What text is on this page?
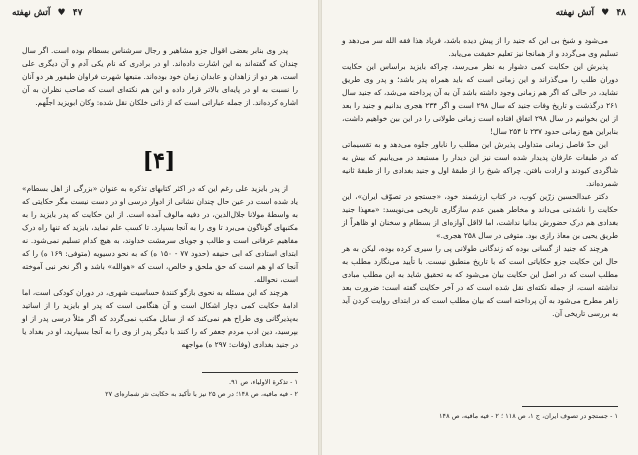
۴۷ ♥ آتش نهفته

پدر وی بنابر بعضی اقوال جزو مشاهیر و رجال سرشناس بسطام بوده است. اگر سال چندان که گفته‌اند به این اشارت داده‌اند. او در برادری که نام یکی آدم و آن دیگری علی است، هر دو از زاهدان و عابدان زمان خود بوده‌اند. منبعها شهرت فراوان طیفور هر دو آنان را نسبت به او در پایه‌ای بالاتر قرار داده و این هم نکته‌ای است که صاحب نظران به آن اشاره کرده‌اند. از جمله عباراتی است که از ذاتی خلکان نقل شده: وکان ابویزید اجلّهم.

[۴]

از پدر بایزید علی رغم این که در اکثر کتابهای تذکره به عنوان «بزرگی از اهل بسطام» یاد شده است در عین حال چندان نشانی از ادوار درسی او در دست نیست مگر حکایتی که به واسطهٔ مولانا جلال‌الدین، در دفیه مالوف آمده است. از این حکایت که پدر بایزید را به مکتبهای گوناگون می‌برد تا وی را به آنجا بسپارد. تا کسب علم نماید، بایزید که تنها راه درک مفاهیم عرفانی است و طالب و جویای سرمشت خداوند، به هیچ کدام تسلیم نمی‌شود. نه ابتدای استادی که ابی حنیفه (حدود ۷۷ - ۱۵۰ ه) که به نحو دسیویه (متوفی: ۱۶۹ ه) را که آنجا که او هم است که حق ملحق و خالص، است که «هوالله» باشد و اگر نخر نبی آموخته است، نحوالله.

هرچند که این مسئله به نحوی بازگو کنندهٔ حساسیت شهری، در دوران کودکی است، اما ادامهٔ حکایت کمی دچار اشکال است و آن هنگامی است که پدر او بایزید را از اساتید به‌پذیرگانی وی طراح هم نمی‌کند که از سایل مکتب نمی‌گردد که اگر مثلاً درسی پدر از او بپرسید، دین ادب مردم جعفر که را کنند با دیگر پدر از وی را به آنجا بسپارید، او در بغداد یا در جنید بغدادی (وفات: ۲۹۷ ه) مواجهه

۱ - تذکرة الاولیاء، ص ۹۱.
۲ - فیه مافیه، ص ۱۴۸؛ در ص ۲۵ نیز با تأکید به حکایت نثر شماره‌ای ۲۷
۴۸ ♥ آتش نهفته

می‌شود و شیخ بی این که جنید را از پیش دیده باشد، فریاد هذا فقه الله سر می‌دهد و تسلیم وی می‌گردد و از همانجا نیز تعلیم حقیقت می‌یابد.

پذیرش این حکایت کمی دشوار به نظر می‌رسد، چراکه بایزید براساس این حکایت دوران طلب را می‌گذراند و این زمانی است که باید همراه پدر باشد؛ و پدر وی طریق نشاید، در حالی که اگر هم زمانی وجود داشته باشد آن به آن پرداخته می‌شد، که جنید سال ۲۶۱ درگذشت و تاریخ وفات جنید که سال ۲۹۸ است و اگر ۲۳۴ هجری بدانیم و جنید را بعد از این بخوانیم در سال ۲۹۸ اتفاق افتاده است زمانی طولانی را در این بین خواهیم داشت، بنابراین هیچ زمانی حدود ۲۳۷ تا ۲۵۴ سال!

این حدّ فاصل زمانی متداولی پذیرش این مطلب را ناباور جلوه می‌دهد و به تقسیماتی که در طبقات عارفان پدیدار شده است نیز این دیدار را مستبعد در می‌یابیم که بیش به شاگردی کبودند و ارادت بافتن. چراکه شیخ را از طبقهٔ اول و جنید بغدادی را از طبقهٔ ثانیه شمرده‌اند.

دکتر عبدالحسین زرّین کوب، در کتاب ارزشمند خود، «جستجو در تصوّف ایران»، این حکایت را ناشدنی می‌داند و مخاطر همین عدم سازگاری تاریخی می‌نویسد: «معهذا جنید بغدادی هم درک حضورش بدانیا نداشت، اما لااقل آوازه‌ای از بسطام و سخنان او ظاهراً از طریق یحیی بن معاذ رازی بود. متوفی در سال ۲۵۸ هجری.»

هرچند که جنید از گسانی بوده که زندگانی طولانی پی را سیری کرده بوده، لیکن به هر حال این حکایت جزو حکایاتی است که با تاریخ منطبق نیست. با تأیید می‌نگارد مطلب به مطلب است که در اصل این حکایت بیان می‌شود که به تحقیق شاید به این مطلب مبادی نداشته است، از جمله نکته‌ای نقل شده است که در آخر حکایت گفته است: ضرورت بعد زاهر مطرح می‌شود به آن پرداخته است که بیان مطلب است که در ابتدای روایت کردن آید به بررسی تاریخی آن.

۱ - جستجو در تصوف ایران، ج ۱، ص ۱۱۸ ؛ ۲ - فیه مافیه، ص ۱۴۸
